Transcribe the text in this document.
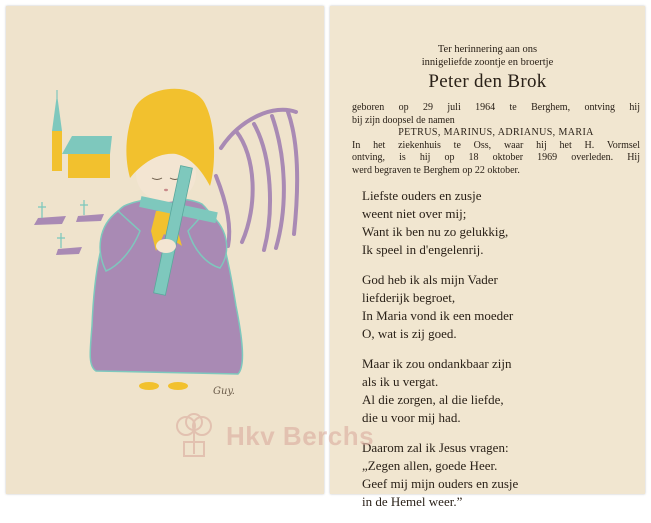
Guy.
Ter herinnering aan ons
innigeliefde zoontje en broertje
Peter den Brok
geboren op 29 juli 1964 te Berghem, ontving hij
bij zijn doopsel de namen
PETRUS, MARINUS, ADRIANUS, MARIA
In het ziekenhuis te Oss, waar hij het H. Vormsel
ontving, is hij op 18 oktober 1969 overleden. Hij
werd begraven te Berghem op 22 oktober.
Liefste ouders en zusje
weent niet over mij;
Want ik ben nu zo gelukkig,
Ik speel in d'engelenrij.
God heb ik als mijn Vader
liefderijk begroet,
In Maria vond ik een moeder
O, wat is zij goed.
Maar ik zou ondankbaar zijn
als ik u vergat.
Al die zorgen, al die liefde,
die u voor mij had.
Daarom zal ik Jesus vragen:
„Zegen allen, goede Heer.
Geef mij mijn ouders en zusje
in de Hemel weer.”
Hkv Berchs
